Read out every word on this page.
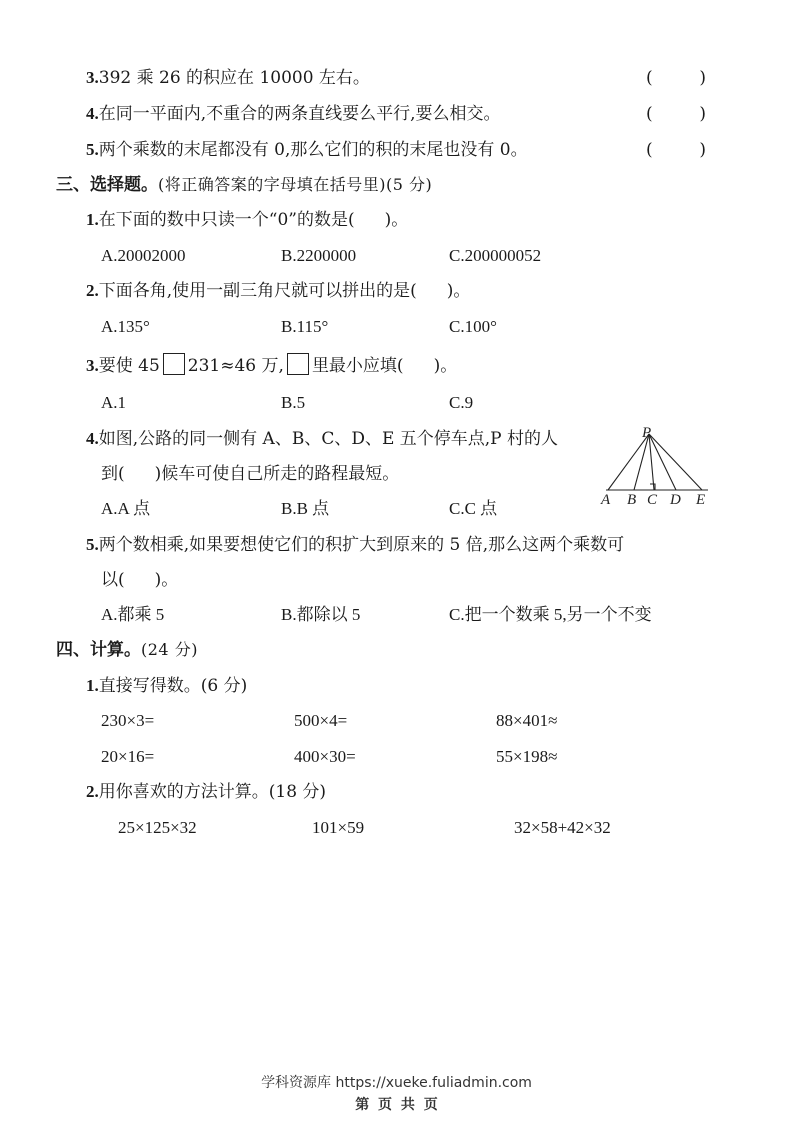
3.392 乘 26 的积应在 10000 左右。	(	)
4.在同一平面内,不重合的两条直线要么平行,要么相交。	(	)
5.两个乘数的末尾都没有 0,那么它们的积的末尾也没有 0。	(	)
三、选择题。(将正确答案的字母填在括号里)(5 分)
1.在下面的数中只读一个“0”的数是( )。
A.20002000	B.2200000	C.200000052
2.下面各角,使用一副三角尺就可以拼出的是( )。
A.135°	B.115°	C.100°
3.要使 45 231≈46 万, 里最小应填( )。
A.1	B.5	C.9
4.如图,公路的同一侧有 A、B、C、D、E 五个停车点,P 村的人
到( )候车可使自己所走的路程最短。
A.A 点	B.B 点	C.C 点
P
A B C D E
5.两个数相乘,如果要想使它们的积扩大到原来的 5 倍,那么这两个乘数可
以( )。
A.都乘 5	B.都除以 5	C.把一个数乘 5,另一个不变
四、计算。(24 分)
1.直接写得数。(6 分)
230×3=	500×4=	88×401≈
20×16=	400×30=	55×198≈
2.用你喜欢的方法计算。(18 分)
25×125×32	101×59	32×58+42×32
学科资源库 https://xueke.fuliadmin.com
第 页 共 页
